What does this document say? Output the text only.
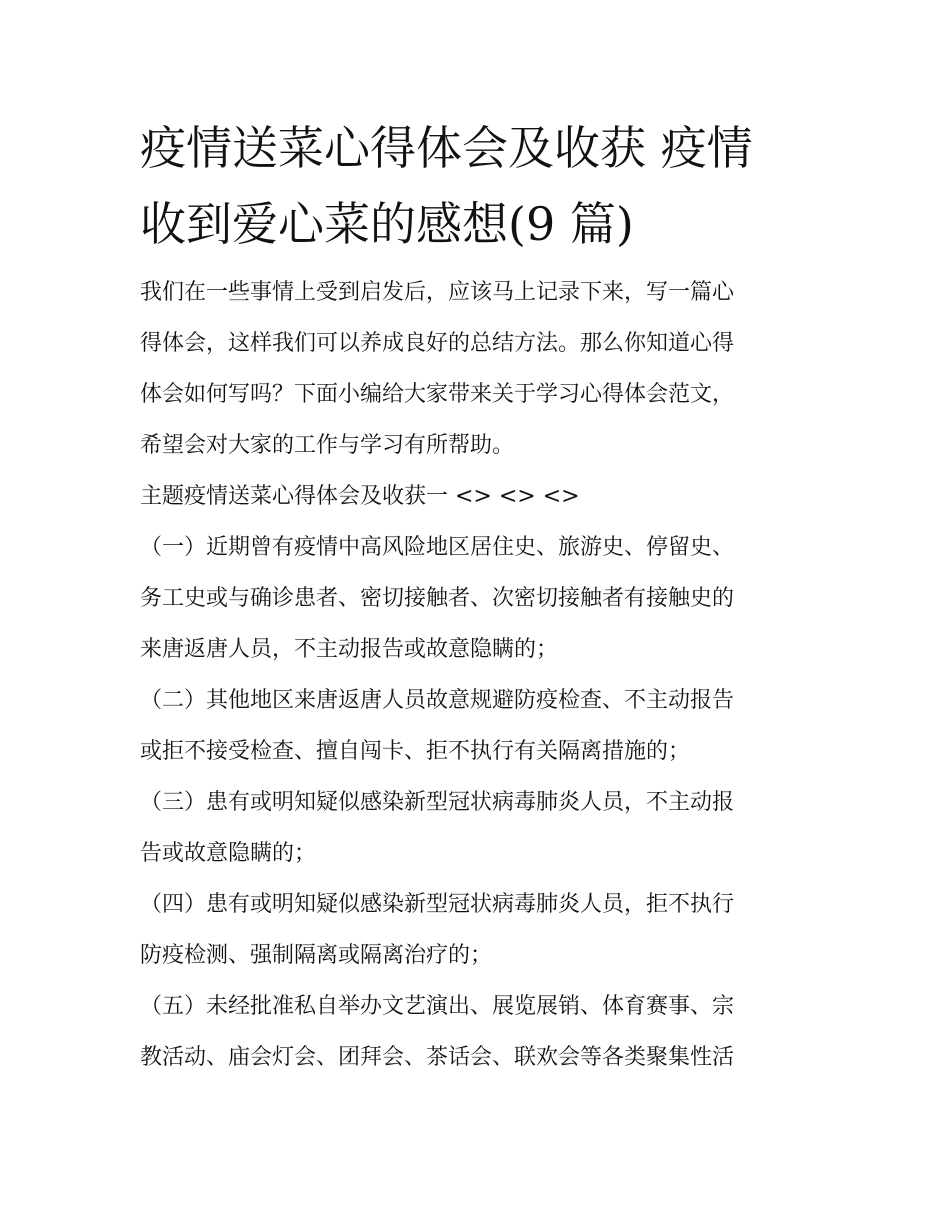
疫情送菜心得体会及收获 疫情
收到爱心菜的感想(9 篇)
我们在一些事情上受到启发后，应该马上记录下来，写一篇心
得体会，这样我们可以养成良好的总结方法。那么你知道心得
体会如何写吗？下面小编给大家带来关于学习心得体会范文，
希望会对大家的工作与学习有所帮助。
主题疫情送菜心得体会及收获一 <> <> <>
（一）近期曾有疫情中高风险地区居住史、旅游史、停留史、
务工史或与确诊患者、密切接触者、次密切接触者有接触史的
来唐返唐人员，不主动报告或故意隐瞒的；
（二）其他地区来唐返唐人员故意规避防疫检查、不主动报告
或拒不接受检查、擅自闯卡、拒不执行有关隔离措施的；
（三）患有或明知疑似感染新型冠状病毒肺炎人员，不主动报
告或故意隐瞒的；
（四）患有或明知疑似感染新型冠状病毒肺炎人员，拒不执行
防疫检测、强制隔离或隔离治疗的；
（五）未经批准私自举办文艺演出、展览展销、体育赛事、宗
教活动、庙会灯会、团拜会、茶话会、联欢会等各类聚集性活
